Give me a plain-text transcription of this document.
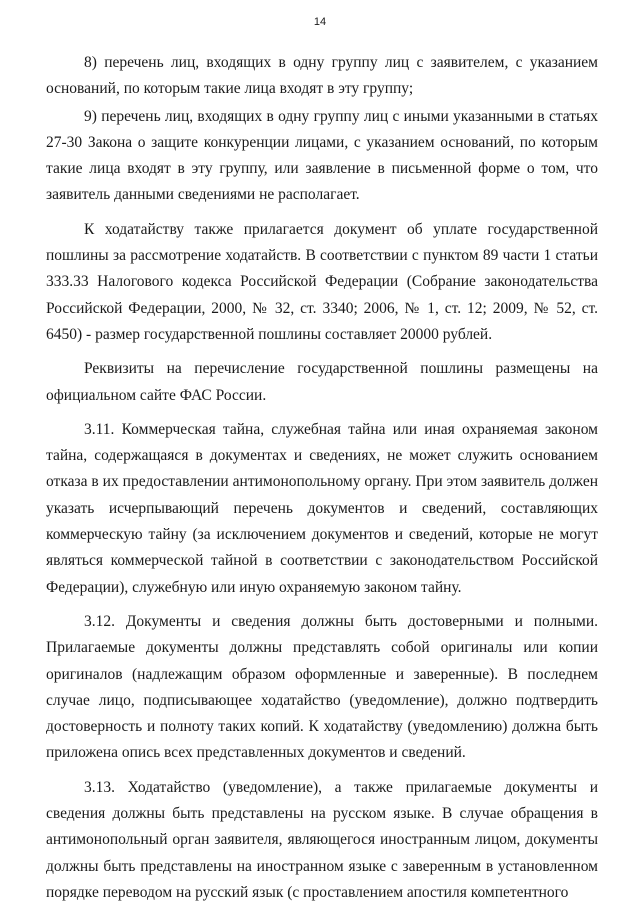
14

8) перечень лиц, входящих в одну группу лиц с заявителем, с указанием оснований, по которым такие лица входят в эту группу;

9) перечень лиц, входящих в одну группу лиц с иными указанными в статьях 27-30 Закона о защите конкуренции лицами, с указанием оснований, по которым такие лица входят в эту группу, или заявление в письменной форме о том, что заявитель данными сведениями не располагает.

К ходатайству также прилагается документ об уплате государственной пошлины за рассмотрение ходатайств. В соответствии с пунктом 89 части 1 статьи 333.33 Налогового кодекса Российской Федерации (Собрание законодательства Российской Федерации, 2000, № 32, ст. 3340; 2006, № 1, ст. 12; 2009, № 52, ст. 6450) - размер государственной пошлины составляет 20000 рублей.

Реквизиты на перечисление государственной пошлины размещены на официальном сайте ФАС России.

3.11. Коммерческая тайна, служебная тайна или иная охраняемая законом тайна, содержащаяся в документах и сведениях, не может служить основанием отказа в их предоставлении антимонопольному органу. При этом заявитель должен указать исчерпывающий перечень документов и сведений, составляющих коммерческую тайну (за исключением документов и сведений, которые не могут являться коммерческой тайной в соответствии с законодательством Российской Федерации), служебную или иную охраняемую законом тайну.

3.12. Документы и сведения должны быть достоверными и полными. Прилагаемые документы должны представлять собой оригиналы или копии оригиналов (надлежащим образом оформленные и заверенные). В последнем случае лицо, подписывающее ходатайство (уведомление), должно подтвердить достоверность и полноту таких копий. К ходатайству (уведомлению) должна быть приложена опись всех представленных документов и сведений.

3.13. Ходатайство (уведомление), а также прилагаемые документы и сведения должны быть представлены на русском языке. В случае обращения в антимонопольный орган заявителя, являющегося иностранным лицом, документы должны быть представлены на иностранном языке с заверенным в установленном порядке переводом на русский язык (с проставлением апостиля компетентного
